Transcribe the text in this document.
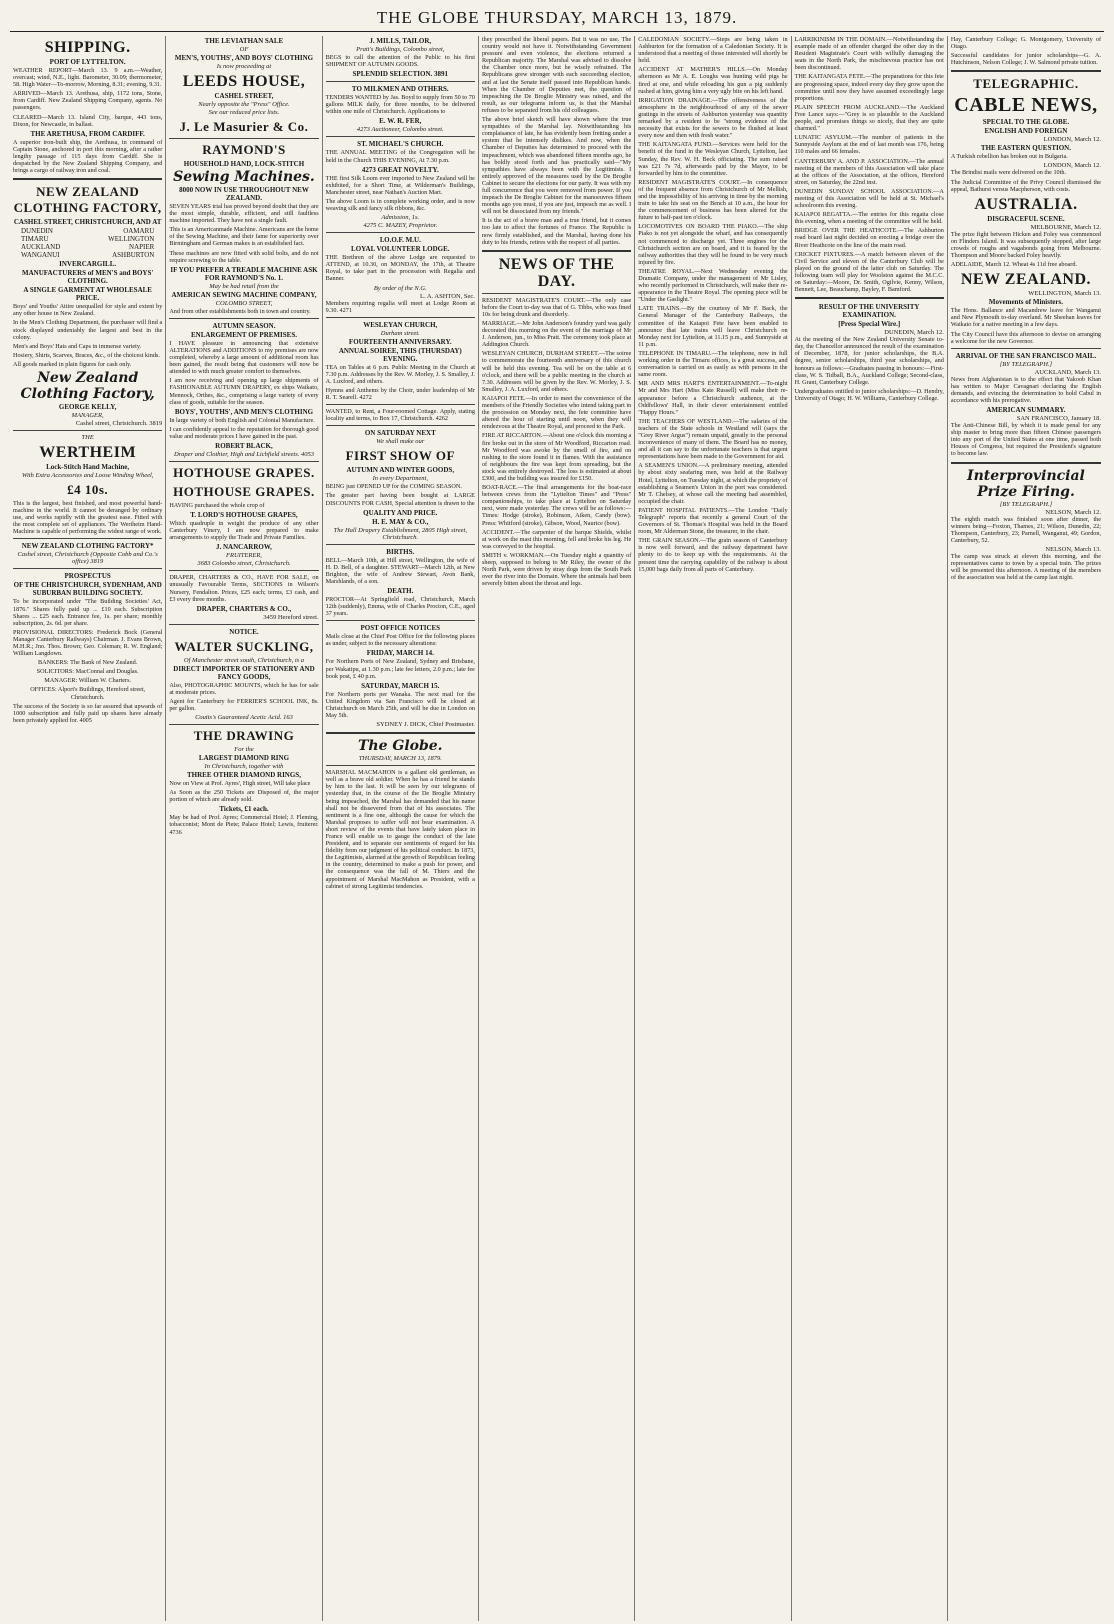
THE GLOBE THURSDAY, MARCH 13, 1879.
SHIPPING.
PORT OF LYTTELTON.

WEATHER REPORT—March 13. 9 a.m.—Weather, overcast; wind, N.E., light. Barometer, 30.09; thermometer, 58. High Water—To-morrow, Morning, 8.31; evening, 9.31.

ARRIVED—March 13. Arethusa, ship, 1172 tons, Stone, from Cardiff. New Zealand Shipping Company, agents. No passengers.

CLEARED—March 13. Island City, barque, 443 tons, Dixon, for Newcastle, in ballast.

THE ARETHUSA, FROM CARDIFF.

A superior iron-built ship, the Arethusa, in command of Captain Stone, anchored in port this morning, after a rather lengthy passage of 115 days from Cardiff. She is despatched by the New Zealand Shipping Company, and brings a cargo of railway iron and coal.

NEW ZEALAND CLOTHING FACTORY,
CASHEL STREET, CHRISTCHURCH, AND AT
DUNEDIN	OAMARU
TIMARU	WELLINGTON
AUCKLAND	NAPIER
WANGANUI	ASHBURTON
INVERCARGILL.
MANUFACTURERS of MEN'S and BOYS' CLOTHING.
A SINGLE GARMENT AT WHOLESALE PRICE.

Boys' and Youths' Attire unequalled for style and extent by any other house in New Zealand.

In the Men's Clothing Department, the purchaser will find a stock displayed undeniably the largest and best in the colony.

Men's and Boys' Hats and Caps in immense variety.

Hosiery, Shirts, Scarves, Braces, &c., of the choicest kinds.

All goods marked in plain figures for cash only.

New Zealand Clothing Factory,
GEORGE KELLY,
MANAGER,
Cashel street, Christchurch. 3819
THE
WERTHEIM
Lock-Stitch Hand Machine,
With Extra Accessories and Loose Winding Wheel,
£4 10s.

This is the largest, best finished, and most powerful hand-machine in the world. It cannot be deranged by ordinary use, and works rapidly with the greatest ease. Fitted with the most complete set of appliances. The Wertheim Hand-Machine is capable of performing the widest range of work.

NEW ZEALAND CLOTHING FACTORY*
Cashel street, Christchurch (Opposite Cobb and Co.'s office) 3819
PROSPECTUS
OF THE CHRISTCHURCH, SYDENHAM, AND SUBURBAN BUILDING SOCIETY.

To be incorporated under "The Building Societies' Act, 1876." Shares fully paid up ... £10 each. Subscription Shares ... £25 each. Entrance fee, 1s. per share; monthly subscription, 2s. 6d. per share.

PROVISIONAL DIRECTORS: Frederick Bock (General Manager Canterbury Railways) Chairman. J. Evans Brown, M.H.R.; Jno. Thos. Brown; Geo. Coleman; R. W. England; William Langdown.

BANKERS: The Bank of New Zealand.

SOLICITORS: MacConnal and Douglas.

MANAGER: William W. Charters.

OFFICES: Alport's Buildings, Hereford street, Christchurch.

The success of the Society is so far assured that upwards of 1000 subscription and fully paid up shares have already been privately applied for. 4005

THE LEVIATHAN SALE
OF
MEN'S, YOUTHS', AND BOYS' CLOTHING
Is now proceeding at
LEEDS HOUSE,
CASHEL STREET,
Nearly opposite the "Press" Office.
See our reduced price lists.
J. Le Masurier & Co.
RAYMOND'S
HOUSEHOLD HAND, LOCK-STITCH
Sewing Machines.
8000 NOW IN USE THROUGHOUT NEW ZEALAND.

SEVEN YEARS trial has proved beyond doubt that they are the most simple, durable, efficient, and still faultless machine imported. They have not a single fault.

This is an Americanmade Machine. Americans are the home of the Sewing Machine, and their fame for superiority over Birmingham and German makes is an established fact.

These machines are now fitted with solid bolts, and do not require screwing to the table.

IF YOU PREFER A TREADLE MACHINE ASK FOR RAYMOND'S No. 1.
May be had retail from the
AMERICAN SEWING MACHINE COMPANY,
COLOMBO STREET,

And from other establishments both in town and country.

AUTUMN SEASON.
ENLARGEMENT OF PREMISES.

I HAVE pleasure in announcing that extensive ALTERATIONS and ADDITIONS to my premises are now completed, whereby a large amount of additional room has been gained, the result being that customers will now be attended to with much greater comfort to themselves.

I am now receiving and opening up large shipments of FASHIONABLE AUTUMN DRAPERY, ex ships Waikato, Mennock, Orthes, &c., comprising a large variety of every class of goods, suitable for the season.

BOYS', YOUTHS', AND MEN'S CLOTHING

In large variety of both English and Colonial Manufacture.

I can confidently appeal to the reputation for thorough good value and moderate prices I have gained in the past.

ROBERT BLACK,
Draper and Clothier, High and Lichfield streets. 4053
HOTHOUSE GRAPES.
HOTHOUSE GRAPES.

HAVING purchased the whole crop of

T. LORD'S HOTHOUSE GRAPES,

Which quadruple in weight the produce of any other Canterbury Vinery, I am now prepared to make arrangements to supply the Trade and Private Families.

J. NANCARROW,
FRUITERER,
3683 Colombo street, Christchurch.

DRAPER, CHARTERS & CO., HAVE FOR SALE, on unusually Favourable Terms, SECTIONS in Wilson's Nursery, Fendalton. Prices, £25 each; terms, £3 cash, and £3 every three months.

DRAPER, CHARTERS & CO.,
3459 Hereford street.
NOTICE.
WALTER SUCKLING,
Of Manchester street south, Christchurch, is a
DIRECT IMPORTER OF STATIONERY AND FANCY GOODS,

Also, PHOTOGRAPHIC MOUNTS, which he has for sale at moderate prices.

Agent for Canterbury for FERRIER'S SCHOOL INK, 8s. per gallon.

Coutts's Guaranteed Acetic Acid. 163
THE DRAWING
For the
LARGEST DIAMOND RING
In Christchurch, together with
THREE OTHER DIAMOND RINGS,

Now on View at Prof. Ayres', High street, Will take place

As Soon as the 250 Tickets are Disposed of, the major portion of which are already sold.

Tickets, £1 each.

May be had of Prof. Ayres; Commercial Hotel; J. Fleming, tobacconist; Mont de Piete; Palace Hotel; Lewis, fruiterer. 4736

J. MILLS, TAILOR,
Pratt's Buildings, Colombo street,

BEGS to call the attention of the Public to his first SHIPMENT OF AUTUMN GOODS.

SPLENDID SELECTION. 3891
TO MILKMEN AND OTHERS.

TENDERS WANTED by Jas. Boyd to supply from 50 to 70 gallons MILK daily, for three months, to be delivered within one mile of Christchurch. Applications to

E. W. R. FER,
4273 Auctioneer, Colombo street.
ST. MICHAEL'S CHURCH.

THE ANNUAL MEETING of the Congregation will be held in the Church THIS EVENING, At 7.30 p.m.

4273 GREAT NOVELTY.

THE first Silk Loom ever imported to New Zealand will be exhibited, for a Short Time, at Wilderman's Buildings, Manchester street, near Nathan's Auction Mart.

The above Loom is in complete working order, and is now weaving silk and fancy silk ribbons, &c.

Admission, 1s.
4275 C. MAZEY, Proprietor.
I.O.O.F. M.U.
LOYAL VOLUNTEER LODGE.

THE Brethren of the above Lodge are requested to ATTEND, at 10.30, on MONDAY, the 17th, at Theatre Royal, to take part in the procession with Regalia and Banner.

By order of the N.G.
L. A. ASHTON, Sec.

Members requiring regalia will meet at Lodge Room at 9.30. 4271

WESLEYAN CHURCH,
Durham street.
FOURTEENTH ANNIVERSARY.
ANNUAL SOIREE, THIS (THURSDAY) EVENING.

TEA on Tables at 6 p.m. Public Meeting in the Church at 7.30 p.m. Addresses by the Rev. W. Morley, J. S. Smalley, J. A. Luxford, and others.

Hymns and Anthems by the Choir, under leadership of Mr R. T. Searell. 4272

WANTED, to Rent, a Four-roomed Cottage. Apply, stating locality and terms, to Box 17, Christchurch. 4262

ON SATURDAY NEXT
We shall make our
FIRST SHOW OF
AUTUMN AND WINTER GOODS,
In every Department,

BEING just OPENED UP for the COMING SEASON.

The greater part having been bought at LARGE DISCOUNTS FOR CASH, Special attention is drawn to the

QUALITY AND PRICE.
H. E. MAY & CO.,
The Hall Drapery Establishment, 2805 High street, Christchurch.
BIRTHS.

BELL—March 10th, at Hill street, Wellington, the wife of H. D. Bell, of a daughter. STEWART—March 12th, at New Brighton, the wife of Andrew Stewart, Avon Bank, Marshlands, of a son.

DEATH.

PROCTOR—At Springfield road, Christchurch, March 12th (suddenly), Emma, wife of Charles Procton, C.E., aged 37 years.

POST OFFICE NOTICES

Mails close at the Chief Post Office for the following places as under, subject to the necessary alterations:

FRIDAY, MARCH 14.

For Northern Ports of New Zealand, Sydney and Brisbane, per Wakatipu, at 1.30 p.m.; late fee letters, 2.0 p.m.; late fee book post, £ 40 p.m.

SATURDAY, MARCH 15.

For Northern ports per Wanaka. The next mail for the United Kingdom via San Francisco will be closed at Christchurch on March 25th, and will be due in London on May 5th.

SYDNEY J. DICK, Chief Postmaster.
The Globe.
THURSDAY, MARCH 13, 1879.

MARSHAL MACMAHON is a gallant old gentleman, as well as a brave old soldier. When he has a friend he stands by him to the last. It will be seen by our telegrams of yesterday that, in the course of the De Broglie Ministry being impeached, the Marshal has demanded that his name shall not be dissevered from that of his associates. The sentiment is a fine one, although the cause for which the Marshal proposes to suffer will not bear examination. A short review of the events that have lately taken place in France will enable us to gauge the conduct of the late President, and to separate our sentiments of regard for his fidelity from our judgment of his political conduct. In 1873, the Legitimists, alarmed at the growth of Republican feeling in the country, determined to make a push for power, and the consequence was the fall of M. Thiers and the appointment of Marshal MacMahon as President, with a cabinet of strong Legitimist tendencies.

they prescribed the liberal papers. But it was no use. The country would not have it. Notwithstanding Government pressure and even violence, the elections returned a Republican majority. The Marshal was advised to dissolve the Chamber once more, but he wisely refrained. The Republicans grew stronger with each succeeding election, and at last the Senate itself passed into Republican hands. When the Chamber of Deputies met, the question of impeaching the De Broglie Ministry was raised, and the result, as our telegrams inform us, is that the Marshal refuses to be separated from his old colleagues.

The above brief sketch will have shown where the true sympathies of the Marshal lay. Notwithstanding his complaisance of late, he has evidently been fretting under a system that he intensely dislikes. And now, when the Chamber of Deputies has determined to proceed with the impeachment, which was abandoned fifteen months ago, he has boldly stood forth and has practically said—"My sympathies have always been with the Legitimists. I entirely approved of the measures used by the De Broglie Cabinet to secure the elections for our party. It was with my full concurrence that you were removed from power. If you impeach the De Broglie Cabinet for the manoeuvres fifteen months ago you must, if you are just, impeach me as well. I will not be dissociated from my friends."

It is the act of a brave man and a true friend, but it comes too late to affect the fortunes of France. The Republic is now firmly established, and the Marshal, having done his duty to his friends, retires with the respect of all parties.

NEWS OF THE DAY.

RESIDENT MAGISTRATE'S COURT.—The only case before the Court to-day was that of G. Tibbs, who was fined 10s for being drunk and disorderly.

MARRIAGE.—Mr John Anderson's foundry yard was gaily decorated this morning on the event of the marriage of Mr J. Anderson, jun., to Miss Pratt. The ceremony took place at Addington Church.

WESLEYAN CHURCH, DURHAM STREET.—The soiree to commemorate the fourteenth anniversary of this church will be held this evening. Tea will be on the table at 6 o'clock, and there will be a public meeting in the church at 7.30. Addresses will be given by the Rev. W. Morley, J. S. Smalley, J. A. Luxford, and others.

KAIAPOI FETE.—In order to meet the convenience of the members of the Friendly Societies who intend taking part in the procession on Monday next, the fete committee have altered the hour of starting until noon, when they will rendezvous at the Theatre Royal, and proceed to the Park.

FIRE AT RICCARTON.—About one o'clock this morning a fire broke out in the store of Mr Woodford, Riccarton road. Mr Woodford was awoke by the smell of fire, and on rushing to the store found it in flames. With the assistance of neighbours the fire was kept from spreading, but the stock was entirely destroyed. The loss is estimated at about £300, and the building was insured for £150.

BOAT-RACE.—The final arrangements for the boat-race between crews from the "Lyttelton Times" and "Press" companionships, to take place at Lyttelton on Saturday next, were made yesterday. The crews will be as follows:—Times: Hodge (stroke), Robinson, Aiken, Candy (bow). Press: Whitford (stroke), Gibson, Wood, Naurice (bow).

ACCIDENT.—The carpenter of the barque Shields, whilst at work on the mast this morning, fell and broke his leg. He was conveyed to the hospital.

SMITH v. WORKMAN.—On Tuesday night a quantity of sheep, supposed to belong to Mr Riley, the owner of the North Park, were driven by stray dogs from the South Park over the river into the Domain. Where the animals had been severely bitten about the throat and legs.

CALEDONIAN SOCIETY.—Steps are being taken in Ashburton for the formation of a Caledonian Society. It is understood that a meeting of those interested will shortly be held.

ACCIDENT AT MATHER'S HILLS.—On Monday afternoon as Mr A. E. Loughs was hunting wild pigs he fired at one, and while reloading his gun a pig suddenly rushed at him, giving him a very ugly bite on his left hand.

IRRIGATION DRAINAGE.—The offensiveness of the atmosphere in the neighbourhood of any of the sewer gratings in the streets of Ashburton yesterday was quantity remarked by a resident to be "strong evidence of the necessity that exists for the sewers to be flushed at least every now and then with fresh water."

THE KAITANGATA FUND.—Services were held for the benefit of the fund in the Wesleyan Church, Lyttelton, last Sunday, the Rev. W. H. Beck officiating. The sum raised was £21 7s 7d, afterwards paid by the Mayor, to be forwarded by him to the committee.

RESIDENT MAGISTRATE'S COURT.—In consequence of the frequent absence from Christchurch of Mr Mellish, and the impossibility of his arriving in time by the morning train to take his seat on the Bench at 10 a.m., the hour for the commencement of business has been altered for the future to half-past ten o'clock.

LOCOMOTIVES ON BOARD THE PIAKO.—The ship Piako is not yet alongside the wharf, and has consequently not commenced to discharge yet. Three engines for the Christchurch section are on board, and it is feared by the railway authorities that they will be found to be very much injured by fire.

THEATRE ROYAL.—Next Wednesday evening the Dramatic Company, under the management of Mr Lisley, who recently performed in Christchurch, will make their re-appearance in the Theatre Royal. The opening piece will be "Under the Gaslight."

LATE TRAINS.—By the courtesy of Mr F. Back, the General Manager of the Canterbury Railways, the committee of the Kaiapoi Fete have been enabled to announce that late trains will leave Christchurch on Monday next for Lyttelton, at 11.15 p.m., and Sunnyside at 11 p.m.

TELEPHONE IN TIMARU.—The telephone, now in full working order in the Timaru offices, is a great success, and conversation is carried on as easily as with persons in the same room.

MR AND MRS HART'S ENTERTAINMENT.—To-night Mr and Mrs Hart (Miss Kate Russell) will make their re-appearance before a Christchurch audience, at the Oddfellows' Hall, in their clever entertainment entitled "Happy Hours."

THE TEACHERS OF WESTLAND.—The salaries of the teachers of the State schools in Westland will (says the "Grey River Argus") remain unpaid, greatly to the personal inconvenience of many of them. The Board has no money, and all it can say to the unfortunate teachers is that urgent representations have been made to the Government for aid.

A SEAMEN'S UNION.—A preliminary meeting, attended by about sixty seafaring men, was held at the Railway Hotel, Lyttelton, on Tuesday night, at which the propriety of establishing a Seamen's Union in the port was considered. Mr T. Chelsey, at whose call the meeting had assembled, occupied the chair.

PATIENT HOSPITAL PATIENTS.—The London "Daily Telegraph" reports that recently a general Court of the Governors of St. Thomas's Hospital was held in the Board room, Mr Alderman Stone, the treasurer, in the chair.

THE GRAIN SEASON.—The grain season of Canterbury is now well forward, and the railway department have plenty to do to keep up with the requirements. At the present time the carrying capability of the railway is about 15,000 bags daily from all parts of Canterbury.

LARRIKINISM IN THE DOMAIN.—Notwithstanding the example made of an offender charged the other day in the Resident Magistrate's Court with wilfully damaging the seats in the North Park, the mischievous practice has not been discontinued.

THE KAITANGATA FETE.—The preparations for this fete are progressing space, indeed every day they grow upon the committee until now they have assumed exceedingly large proportions.

PLAIN SPEECH FROM AUCKLAND.—The Auckland Free Lance says:—"Grey is so plausible to the Auckland people, and promises things so nicely, that they are quite charmed."

LUNATIC ASYLUM.—The number of patients in the Sunnyside Asylum at the end of last month was 176, being 110 males and 66 females.

CANTERBURY A. AND P. ASSOCIATION.—The annual meeting of the members of this Association will take place at the offices of the Association, at the offices, Hereford street, on Saturday, the 22nd inst.

DUNEDIN SUNDAY SCHOOL ASSOCIATION.—A meeting of this Association will be held at St. Michael's schoolroom this evening.

KAIAPOI REGATTA.—The entries for this regatta close this evening, when a meeting of the committee will be held.

BRIDGE OVER THE HEATHCOTE.—The Ashburton road board last night decided on erecting a bridge over the River Heathcote on the line of the main road.

CRICKET FIXTURES.—A match between eleven of the Civil Service and eleven of the Canterbury Club will be played on the ground of the latter club on Saturday. The following team will play for Woolston against the M.C.C. on Saturday:—Moore, Dr. Smith, Ogilvie, Kenny, Wilson, Bennett, Lee, Beauchamp, Bayley, F. Bamford.

RESULT OF THE UNIVERSITY EXAMINATION.
[Press Special Wire.]
DUNEDIN, March 12.

At the meeting of the New Zealand University Senate to-day, the Chancellor announced the result of the examination of December, 1878, for junior scholarships, the B.A. degree, senior scholarships, third year scholarships, and honours as follows:—Graduates passing in honours:—First-class, W. S. Tidball, B.A., Auckland College; Second-class, H. Grant, Canterbury College.

Undergraduates entitled to junior scholarships:—D. Hendry, University of Otago; H. W. Williams, Canterbury College.

Hay, Canterbury College; G. Montgomery, University of Otago.

Successful candidates for junior scholarships—G. A. Hutchinson, Nelson College; J. W. Salmond private tuition.

TELEGRAPHIC.
CABLE NEWS,
SPECIAL TO THE GLOBE.
ENGLISH AND FOREIGN
LONDON, March 12.
THE EASTERN QUESTION.

A Turkish rebellion has broken out in Bulgaria.

LONDON, March 12.

The Brindisi mails were delivered on the 10th.

The Judicial Committee of the Privy Council dismissed the appeal, Bathurst versus Macpherson, with costs.

AUSTRALIA.
DISGRACEFUL SCENE.
MELBOURNE, March 12.

The prize fight between Hicken and Foley was commenced on Flinders Island. It was subsequently stopped, after large crowds of roughs and vagabonds going from Melbourne. Thompson and Moore backed Foley heavily.

ADELAIDE, March 12. Wheat 4s 11d free aboard.

NEW ZEALAND.
WELLINGTON, March 13.
Movements of Ministers.

The Hons. Ballance and Macandrew leave for Wanganui and New Plymouth to-day overland. Mr Sheehan leaves for Waikato for a native meeting in a few days.

The City Council have this afternoon to devise on arranging a welcome for the new Governor.

ARRIVAL OF THE SAN FRANCISCO MAIL.
[BY TELEGRAPH.]
AUCKLAND, March 13.

News from Afghanistan is to the effect that Yakoob Khan has written to Major Cavagnari declaring the English demands, and evincing the determination to hold Cabul in accordance with his prerogative.

AMERICAN SUMMARY.
SAN FRANCISCO, January 18.

The Anti-Chinese Bill, by which it is made penal for any ship master to bring more than fifteen Chinese passengers into any port of the United States at one time, passed both Houses of Congress, but required the President's signature to become law.

Interprovincial Prize Firing.
[BY TELEGRAPH.]
NELSON, March 12.

The eighth match was finished soon after dinner, the winners being—Foxton, Thames, 21; Wilson, Dunedin, 22; Thompson, Canterbury, 23; Parnell, Wanganui, 49; Gordon, Canterbury, 52.

NELSON, March 13.

The camp was struck at eleven this morning, and the representatives came to town by a special train. The prizes will be presented this afternoon. A meeting of the members of the association was held at the camp last night.
